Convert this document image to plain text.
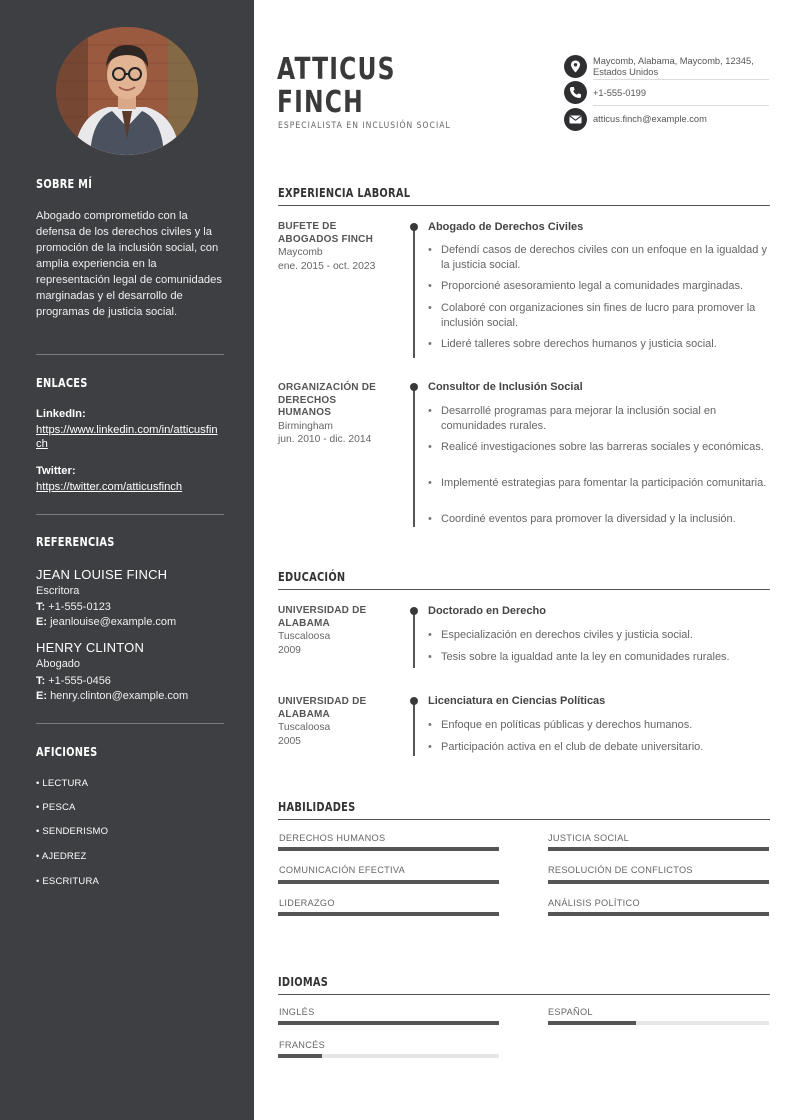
SOBRE MÍ
Abogado comprometido con la defensa de los derechos civiles y la promoción de la inclusión social, con amplia experiencia en la representación legal de comunidades marginadas y el desarrollo de programas de justicia social.
ENLACES
LinkedIn:
https://www.linkedin.com/in/atticusfinch
Twitter:
https://twitter.com/atticusfinch
REFERENCIAS
JEAN LOUISE FINCH
Escritora
T: +1-555-0123
E: jeanlouise@example.com
HENRY CLINTON
Abogado
T: +1-555-0456
E: henry.clinton@example.com
AFICIONES
• LECTURA
• PESCA
• SENDERISMO
• AJEDREZ
• ESCRITURA
ATTICUS
FINCH
ESPECIALISTA EN INCLUSIÓN SOCIAL
Maycomb, Alabama, Maycomb, 12345, Estados Unidos
+1-555-0199
atticus.finch@example.com
EXPERIENCIA LABORAL
BUFETE DE ABOGADOS FINCH
Maycomb
ene. 2015 - oct. 2023
Abogado de Derechos Civiles
• Defendí casos de derechos civiles con un enfoque en la igualdad y la justicia social.
• Proporcioné asesoramiento legal a comunidades marginadas.
• Colaboré con organizaciones sin fines de lucro para promover la inclusión social.
• Lideré talleres sobre derechos humanos y justicia social.
ORGANIZACIÓN DE DERECHOS HUMANOS
Birmingham
jun. 2010 - dic. 2014
Consultor de Inclusión Social
• Desarrollé programas para mejorar la inclusión social en comunidades rurales.
• Realicé investigaciones sobre las barreras sociales y económicas.
• Implementé estrategias para fomentar la participación comunitaria.
• Coordiné eventos para promover la diversidad y la inclusión.
EDUCACIÓN
UNIVERSIDAD DE ALABAMA
Tuscaloosa
2009
Doctorado en Derecho
• Especialización en derechos civiles y justicia social.
• Tesis sobre la igualdad ante la ley en comunidades rurales.
UNIVERSIDAD DE ALABAMA
Tuscaloosa
2005
Licenciatura en Ciencias Políticas
• Enfoque en políticas públicas y derechos humanos.
• Participación activa en el club de debate universitario.
HABILIDADES
DERECHOS HUMANOS	JUSTICIA SOCIAL
COMUNICACIÓN EFECTIVA	RESOLUCIÓN DE CONFLICTOS
LIDERAZGO	ANÁLISIS POLÍTICO
IDIOMAS
INGLÉS	ESPAÑOL
FRANCÉS
